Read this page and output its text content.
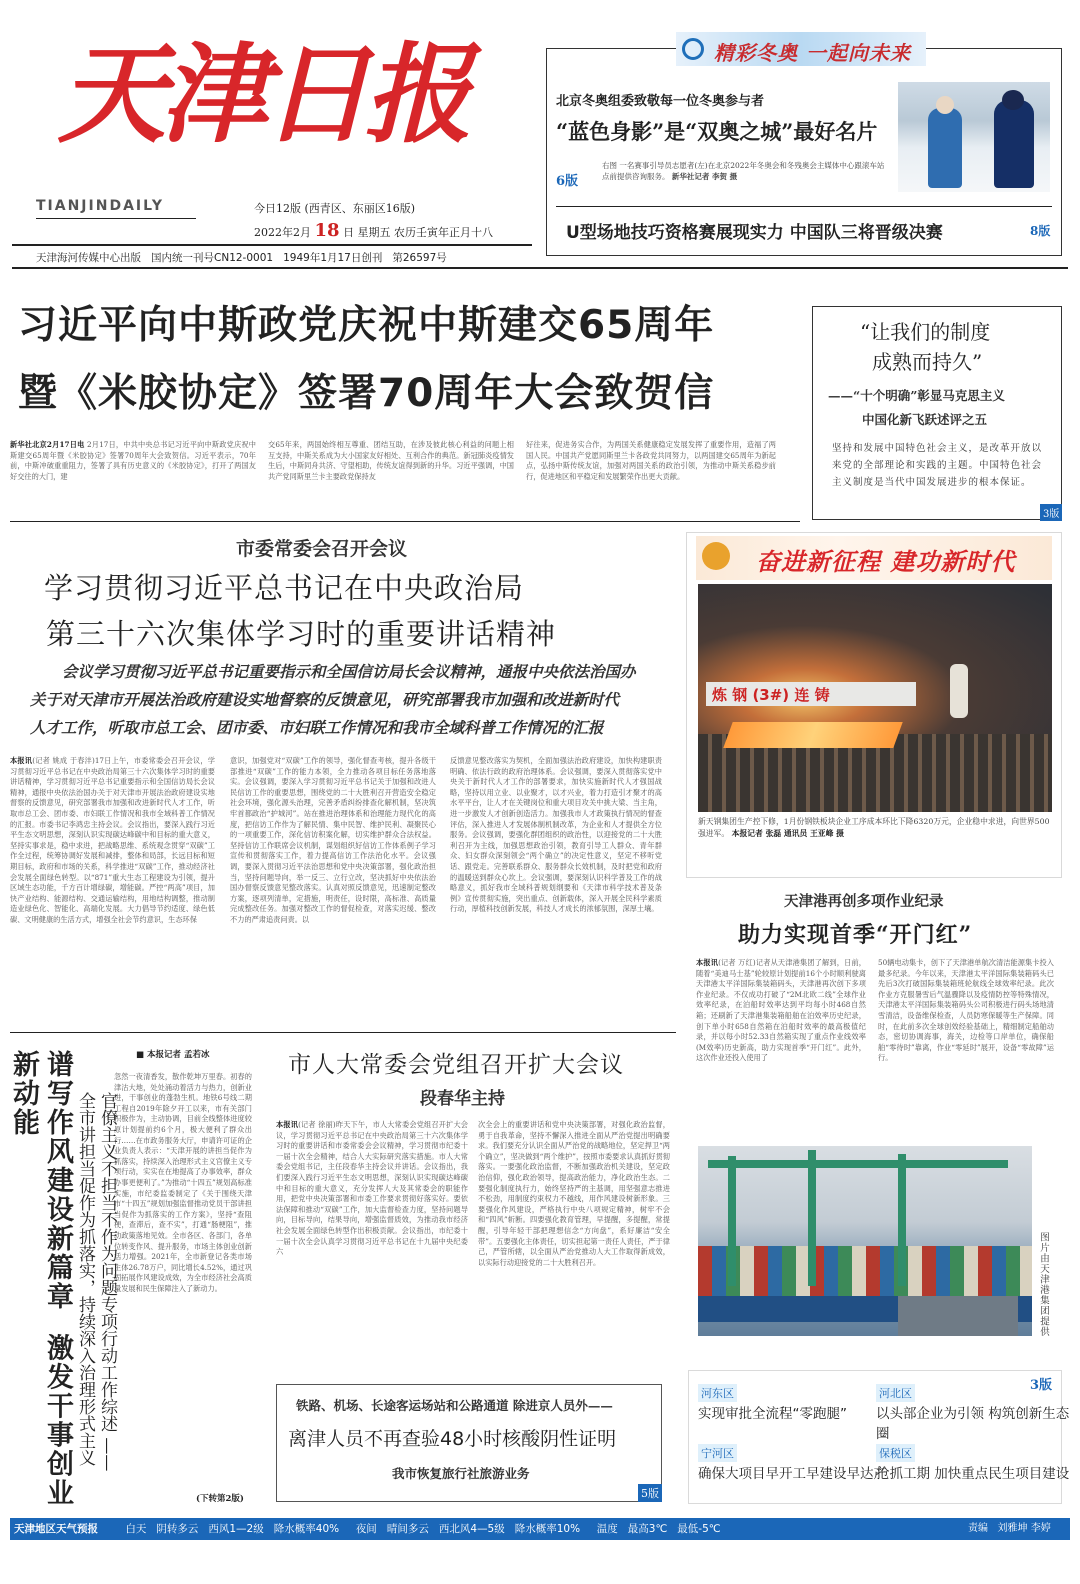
天津日报
TIANJINDAILY	今日12版 (西青区、东丽区16版)
2022年2月 18 日 星期五 农历壬寅年正月十八
天津海河传媒中心出版 国内统一刊号CN12-0001 1949年1月17日创刊 第26597号
精彩冬奥 一起向未来
北京冬奥组委致敬每一位冬奥参与者
“蓝色身影”是“双奥之城”最好名片
6版
右图 一名赛事引导员志愿者(左)在北京2022年冬奥会和冬残奥会主媒体中心跟滚车站点前提供咨询服务。 新华社记者 李贺 摄
U型场地技巧资格赛展现实力 中国队三将晋级决赛	8版
习近平向中斯政党庆祝中斯建交65周年
暨《米胶协定》签署70周年大会致贺信
新华社北京2月17日电 2月17日，中共中央总书记习近平向中斯政党庆祝中斯建交65周年暨《米胶协定》签署70周年大会致贺信。习近平表示，70年前，中斯冲破重重阻力，签署了具有历史意义的《米胶协定》，打开了两国友好交往的大门，建
交65年来，两国始终相互尊重、团结互助，在涉及彼此核心利益的问题上相互支持，中斯关系成为大小国家友好相处、互利合作的典范。新冠肺炎疫情发生后，中斯同舟共济、守望相助，传统友谊得到新的升华。习近平强调，中国共产党同斯里兰卡主要政党保持友
好往来，促进务实合作，为两国关系健康稳定发展发挥了重要作用，造福了两国人民。中国共产党愿同斯里兰卡各政党共同努力，以两国建交65周年为新起点，弘扬中斯传统友谊，加强对两国关系的政治引领，为推动中斯关系稳步前行，促进地区和平稳定和发展繁荣作出更大贡献。
“让我们的制度
成熟而持久”
——“十个明确”彰显马克思主义
中国化新飞跃述评之五
坚持和发展中国特色社会主义，是改革开放以来党的全部理论和实践的主题。中国特色社会主义制度是当代中国发展进步的根本保证。
3版
市委常委会召开会议
学习贯彻习近平总书记在中央政治局
第三十六次集体学习时的重要讲话精神
会议学习贯彻习近平总书记重要指示和全国信访局长会议精神，通报中央依法治国办
关于对天津市开展法治政府建设实地督察的反馈意见，研究部署我市加强和改进新时代
人才工作，听取市总工会、团市委、市妇联工作情况和我市全域科普工作情况的汇报
本报讯(记者 姚成 于春沣)17日上午，市委常委会召开会议，学习贯彻习近平总书记在中央政治局第三十六次集体学习时的重要讲话精神，学习贯彻习近平总书记重要指示和全国信访局长会议精神，通报中央依法治国办关于对天津市开展法治政府建设实地督察的反馈意见，研究部署我市加强和改进新时代人才工作，听取市总工会、团市委、市妇联工作情况和我市全域科普工作情况的汇报。市委书记李鸿忠主持会议。会议指出，要深入践行习近平生态文明思想，深刻认识实现碳达峰碳中和目标的重大意义，坚持实事求是，稳中求进，把战略思维、系统观念贯穿“双碳”工作全过程，统筹协调好发展和减排，整体和局部，长远目标和短期目标，政府和市场的关系，科学推进“双碳”工作，推动经济社会发展全面绿色转型。以“871”重大生态工程建设为引领，提升区域生态功能，千方百计增绿碳，增能碳。严控“两高”项目，加快产业结构、能源结构、交通运输结构，用地结构调整，推动制造业绿色化、智能化、高端化发展。大力倡导节约适度、绿色低碳、文明健康的生活方式，增强全社会节约意识，生态环保
意识，加强党对“双碳”工作的领导，强化督查考核，提升各级干部推进“双碳”工作的能力本领，全力推动各项目标任务落地落实。会议强调，要深入学习贯彻习近平总书记关于加强和改进人民信访工作的重要思想，围绕党的二十大胜利召开营造安全稳定社会环境，强化源头治理，完善矛盾纠纷排查化解机制，坚决筑牢首都政治“护城河”。站在推进治理体系和治理能力现代化的高度，把信访工作作为了解民情、集中民智、维护民利、凝聚民心的一项重要工作，深化信访积案化解，切实维护群众合法权益。坚持信访工作联席会议机制，谋划组织好信访工作体系例子学习宣传和贯彻落实工作，着力提高信访工作法治化水平。会议强调，要深入贯彻习近平法治思想和党中央决策部署，强化政治担当，坚持问题导向，举一反三、立行立改，坚决抓好中央依法治国办督察反馈意见整改落实。认真对照反馈意见，迅速制定整改方案，逐项列清单，定措施，明责任，设时限，高标准、高质量完成整改任务。加强对整改工作的督促检查，对落实迟缓、整改不力的严肃追责问责。以
反馈意见整改落实为契机，全面加强法治政府建设，加快构建职责明确、依法行政的政府治理体系。会议强调，要深入贯彻落实党中央关于新时代人才工作的部署要求，加快实施新时代人才强国战略，坚持以用立业、以业聚才，以才兴业，着力打造引才聚才的高水平平台，让人才在关键岗位和重大项目攻关中挑大梁、当主角，进一步激发人才创新创造活力。加强我市人才政策执行情况的督查评估，深入推进人才发展体制机制改革，为企业和人才提供全方位服务。会议强调，要强化群团组织的政治性，以迎接党的二十大胜利召开为主线，加强思想政治引领，教育引导工人群众、青年群众、妇女群众深刻领会“两个确立”的决定性意义，坚定不移听党话、跟党走。完善联系群众、服务群众长效机制，及时把党和政府的温暖送到群众心坎上。会议强调，要深刻认识科学普及工作的战略意义，抓好我市全域科普规划纲要和《天津市科学技术普及条例》宣传贯彻实施，突出重点、创新载体，深入开展全民科学素质行动，厚植科技创新发展，科技人才成长的浓郁氛围，深厚土壤。
奋进新征程 建功新时代
炼 钢 (3#) 连 铸
新天钢集团生产控下修，1月份钢铁板块企业工序成本环比下降6320万元，企业稳中求进，向世界500强进军。 本报记者 张磊 通讯员 王亚峰 摄
天津港再创多项作业纪录
助力实现首季“开门红”
本报讯(记者 万红)记者从天津港集团了解到，日前，随着“美迪马士基”轮较原计划提前16个小时顺利驶离天津港太平洋国际集装箱码头，天津港再次创下多项作业纪录。不仅成功打破了“2M北欧二线”全球作业效率纪录，在泊船时效率达到平均每小时468自然箱；还刷新了天津港集装箱船舶在泊效率历史纪录，创下单小时658自然箱在泊船时效率的最高极值纪录，并以每小时52.33自然箱实现了重点作业线效率(M效率)历史新高，助力实现首季“开门红”。此外，这次作业还投入使用了
50辆电动集卡，创下了天津港单航次清洁能源集卡投入最多纪录。今年以来，天津港太平洋国际集装箱码头已先后3次打破国际集装箱班轮航线全球效率纪录。此次作业方克服暑雪后气温骤降以及疫情防控等特殊情况，天津港太平洋国际集装箱码头公司积极进行码头场地清雪清洁，设备维保检查，人员防寒保暖等生产保障。同时，在此前多次全球创效经验基础上，精细制定船舶动态，密切协调海事，海关，边检等口岸单位，确保船舶“零待时”靠离，作业“零延时”展开，设备“零故障”运行。
图片由天津港集团提供
3版
河东区
实现审批全流程“零跑腿”
河北区
以头部企业为引领 构筑创新生态圈
宁河区
确保大项目早开工早建设早达产
保税区
抢抓工期 加快重点民生项目建设
谱写作风建设新篇章  激发干事创业新动能	官僚主义不担当不作为问题专项行动工作综述 ——全市讲担当促作为抓落实，持续深入治理形式主义
■ 本报记者 孟若冰
忽然一夜清香发，散作乾坤万里春。初春的津沽大地，处处涌动着活力与热力，创新业进，干事创业的蓬勃生机。地铁6号线二期工程自2019年除夕开工以来，市有关部门积极作为，主动协调，目前全线整体进度较原计划提前约6个月，极大便利了群众出行……在市政务服务大厅，申请许可证的企业负责人表示：“天津开展的讲担当促作为抓落实，持续深入治理形式主义官僚主义专项行动，实实在在地提高了办事效率，群众办事更便利了。”为推动“十四五”规划高标准实施，市纪委监委制定了《关于围绕天津市“十四五”规划加强监督推动党员干部讲担当促作为抓落实的工作方案》，坚持“查阻梗，查滞后，查不实”，打通“肠梗阻”，推动政策落地见效。全市各区、各部门，各单位转变作风、提升服务，市场主体创业创新活力增强。2021年，全市新登记各类市场主体26.78万户，同比增长4.52%，通过巩固拓展作风建设成效，为全市经济社会高质量发展和民生保障注入了新动力。
(下转第2版)
市人大常委会党组召开扩大会议
段春华主持
本报讯(记者 徐丽)昨天下午，市人大常委会党组召开扩大会议，学习贯彻习近平总书记在中央政治局第三十六次集体学习时的重要讲话和市委常委会会议精神，学习贯彻市纪委十一届十次全会精神，结合人大实际研究落实措施。市人大常委会党组书记，主任段春华主持会议并讲话。会议指出，我们要深入践行习近平生态文明思想，深刻认识实现碳达峰碳中和目标的重大意义，充分发挥人大及其常委会的职能作用，把党中央决策部署和市委工作要求贯彻好落实好。要依法保障和推动“双碳”工作，加大监督检查力度，坚持问题导向，目标导向，结果导向，增强监督质效，为推动我市经济社会发展全面绿色转型作出积极贡献。会议指出，市纪委十一届十次全会认真学习贯彻习近平总书记在十九届中央纪委六
次全会上的重要讲话和党中央决策部署，对强化政治监督，勇于自我革命，坚持不懈深入推进全面从严治党提出明确要求。我们要充分认识全面从严治党的战略地位，坚定捍卫“两个确立”，坚决做到“两个维护”，按照市委要求认真抓好贯彻落实。一要强化政治监督，不断加强政治机关建设，坚定政治信仰，强化政治领导，提高政治能力，净化政治生态。二要强化制度执行力，始终坚持严的主基调，用坚强意志推进不松劲，用制度约束权力不越线，用作风建设树新形象。三要强化作风建设，严格执行中央八项规定精神，树牢不会和“四风”斩断。四要强化教育管理，早提醒，多提醒，常提醒，引导年轻干部把理想信念“方向盘”，系好廉洁“安全带”。五要强化主体责任，切实担起第一责任人责任，严于律己，严管所辖，以全面从严治党推动人大工作取得新成效，以实际行动迎接党的二十大胜利召开。
铁路、机场、长途客运场站和公路通道 除进京人员外——
离津人员不再查验48小时核酸阴性证明
我市恢复旅行社旅游业务
5版
天津地区天气预报	白天 阴转多云 西风1—2级 降水概率40% 夜间 晴间多云 西北风4—5级 降水概率10% 温度 最高3℃ 最低-5℃	责编 刘雅坤 李婷
